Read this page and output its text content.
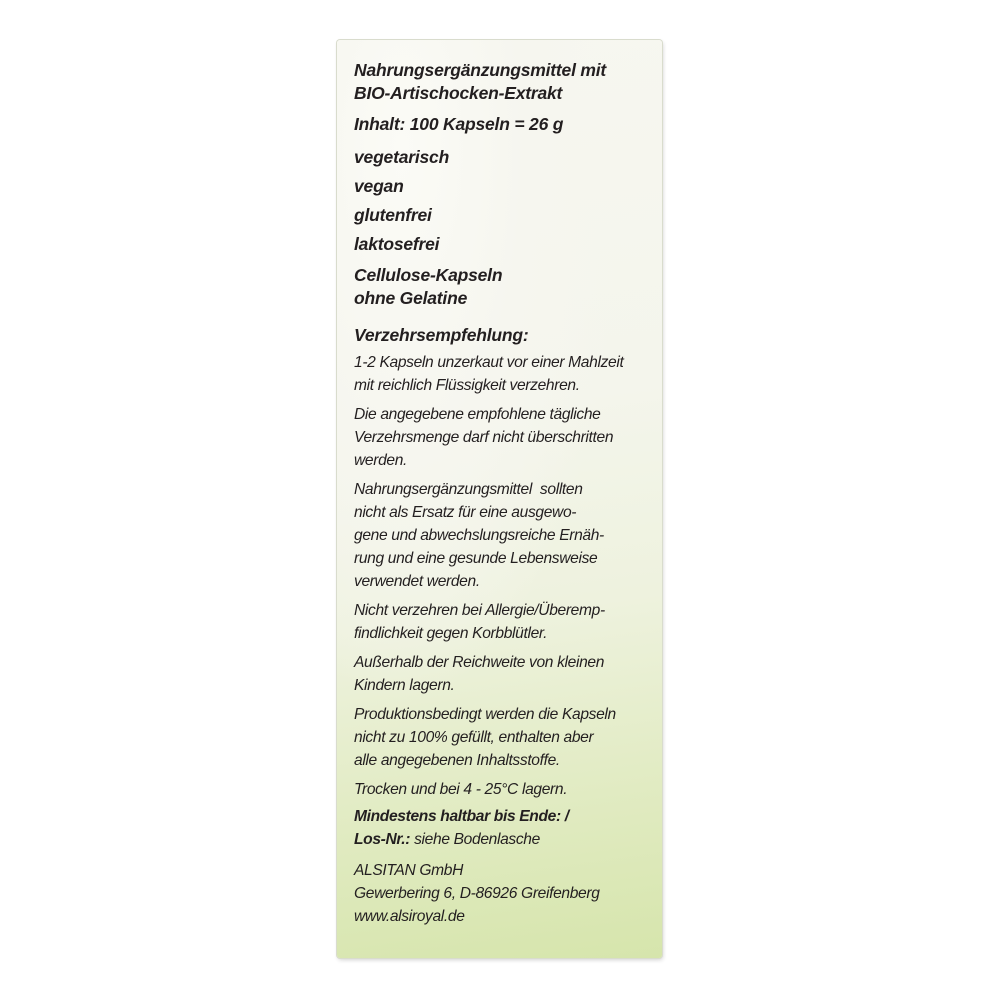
Nahrungsergänzungsmittel mit
BIO-Artischocken-Extrakt
Inhalt: 100 Kapseln = 26 g
vegetarisch
vegan
glutenfrei
laktosefrei
Cellulose-Kapseln
ohne Gelatine
Verzehrsempfehlung:
1-2 Kapseln unzerkaut vor einer Mahlzeit
mit reichlich Flüssigkeit verzehren.
Die angegebene empfohlene tägliche
Verzehrsmenge darf nicht überschritten
werden.
Nahrungsergänzungsmittel  sollten
nicht als Ersatz für eine ausgewo-
gene und abwechslungsreiche Ernäh-
rung und eine gesunde Lebensweise
verwendet werden.
Nicht verzehren bei Allergie/Überemp-
findlichkeit gegen Korbblütler.
Außerhalb der Reichweite von kleinen
Kindern lagern.
Produktionsbedingt werden die Kapseln
nicht zu 100% gefüllt, enthalten aber
alle angegebenen Inhaltsstoffe.
Trocken und bei 4 - 25°C lagern.
Mindestens haltbar bis Ende: /
Los-Nr.: siehe Bodenlasche
ALSITAN GmbH
Gewerbering 6, D-86926 Greifenberg
www.alsiroyal.de
